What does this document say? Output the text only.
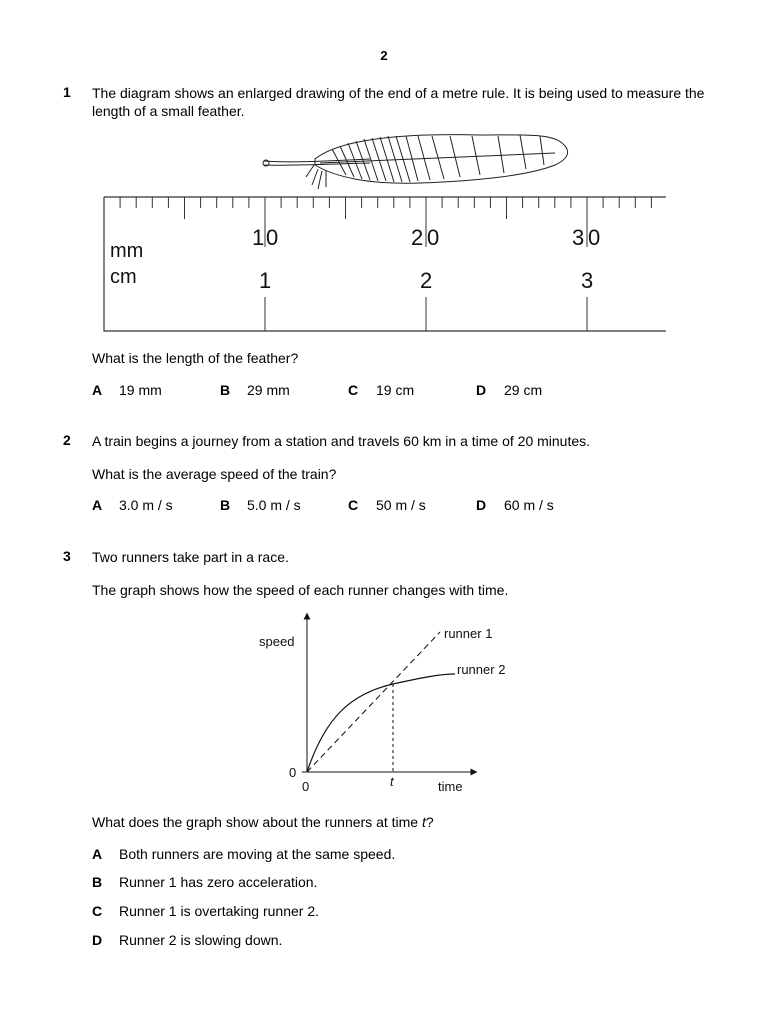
2
1 The diagram shows an enlarged drawing of the end of a metre rule. It is being used to measure the length of a small feather.
mm
cm
1 0	2 0	3 0
1	2	3
What is the length of the feather?
A 19 mm	B 29 mm	C 19 cm	D 29 cm
2 A train begins a journey from a station and travels 60 km in a time of 20 minutes.
What is the average speed of the train?
A 3.0 m / s	B 5.0 m / s	C 50 m / s	D 60 m / s
3 Two runners take part in a race.
The graph shows how the speed of each runner changes with time.
speed
time
0
0	t
runner 1
runner 2
What does the graph show about the runners at time t?
A Both runners are moving at the same speed.
B Runner 1 has zero acceleration.
C Runner 1 is overtaking runner 2.
D Runner 2 is slowing down.
